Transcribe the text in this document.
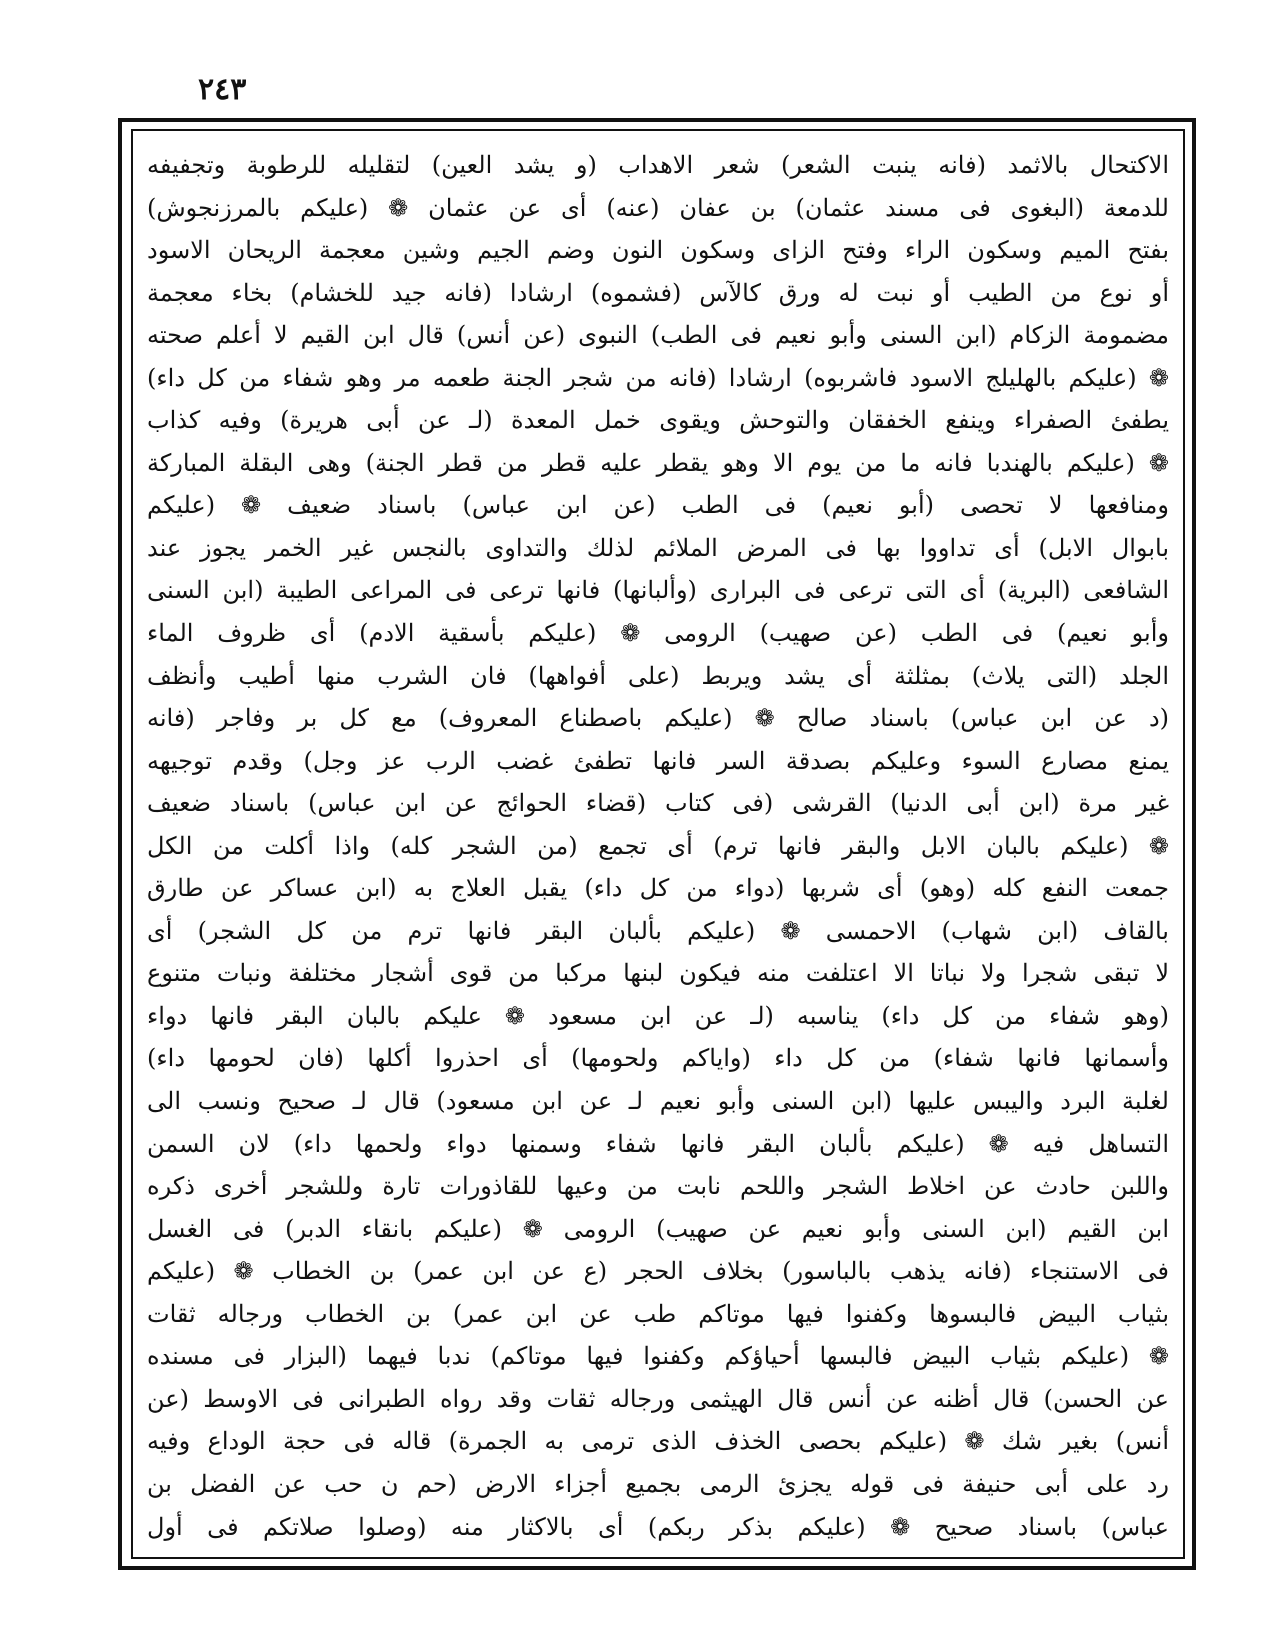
٢٤٣
الاكتحال بالاثمد (فانه ينبت الشعر) شعر الاهداب (و يشد العين) لتقليله للرطوبة وتجفيفه
للدمعة (البغوى فى مسند عثمان) بن عفان (عنه) أى عن عثمان ❁ (عليكم بالمرزنجوش)
بفتح الميم وسكون الراء وفتح الزاى وسكون النون وضم الجيم وشين معجمة الريحان الاسود
أو نوع من الطيب أو نبت له ورق كالآس (فشموه) ارشادا (فانه جيد للخشام) بخاء معجمة
مضمومة الزكام (ابن السنى وأبو نعيم فى الطب) النبوى (عن أنس) قال ابن القيم لا أعلم صحته
❁ (عليكم بالهليلج الاسود فاشربوه) ارشادا (فانه من شجر الجنة طعمه مر وهو شفاء من كل داء)
يطفئ الصفراء وينفع الخفقان والتوحش ويقوى خمل المعدة (لـ عن أبى هريرة) وفيه كذاب
❁ (عليكم بالهندبا فانه ما من يوم الا وهو يقطر عليه قطر من قطر الجنة) وهى البقلة المباركة
ومنافعها لا تحصى (أبو نعيم) فى الطب (عن ابن عباس) باسناد ضعيف ❁ (عليكم
بابوال الابل) أى تداووا بها فى المرض الملائم لذلك والتداوى بالنجس غير الخمر يجوز عند
الشافعى (البرية) أى التى ترعى فى البرارى (وألبانها) فانها ترعى فى المراعى الطيبة (ابن السنى
وأبو نعيم) فى الطب (عن صهيب) الرومى ❁ (عليكم بأسقية الادم) أى ظروف الماء
الجلد (التى يلاث) بمثلثة أى يشد ويربط (على أفواهها) فان الشرب منها أطيب وأنظف
(د عن ابن عباس) باسناد صالح ❁ (عليكم باصطناع المعروف) مع كل بر وفاجر (فانه
يمنع مصارع السوء وعليكم بصدقة السر فانها تطفئ غضب الرب عز وجل) وقدم توجيهه
غير مرة (ابن أبى الدنيا) القرشى (فى كتاب (قضاء الحوائج عن ابن عباس) باسناد ضعيف
❁ (عليكم بالبان الابل والبقر فانها ترم) أى تجمع (من الشجر كله) واذا أكلت من الكل
جمعت النفع كله (وهو) أى شربها (دواء من كل داء) يقبل العلاج به (ابن عساكر عن طارق
بالقاف (ابن شهاب) الاحمسى ❁ (عليكم بألبان البقر فانها ترم من كل الشجر) أى
لا تبقى شجرا ولا نباتا الا اعتلفت منه فيكون لبنها مركبا من قوى أشجار مختلفة ونبات متنوع
(وهو شفاء من كل داء) يناسبه (لـ عن ابن مسعود ❁ عليكم بالبان البقر فانها دواء
وأسمانها فانها شفاء) من كل داء (واياكم ولحومها) أى احذروا أكلها (فان لحومها داء)
لغلبة البرد واليبس عليها (ابن السنى وأبو نعيم لـ عن ابن مسعود) قال لـ صحيح ونسب الى
التساهل فيه ❁ (عليكم بألبان البقر فانها شفاء وسمنها دواء ولحمها داء) لان السمن
واللبن حادث عن اخلاط الشجر واللحم نابت من وعيها للقاذورات تارة وللشجر أخرى ذكره
ابن القيم (ابن السنى وأبو نعيم عن صهيب) الرومى ❁ (عليكم بانقاء الدبر) فى الغسل
فى الاستنجاء (فانه يذهب بالباسور) بخلاف الحجر (ع عن ابن عمر) بن الخطاب ❁ (عليكم
بثياب البيض فالبسوها وكفنوا فيها موتاكم طب عن ابن عمر) بن الخطاب ورجاله ثقات
❁ (عليكم بثياب البيض فالبسها أحياؤكم وكفنوا فيها موتاكم) ندبا فيهما (البزار فى مسنده
عن الحسن) قال أظنه عن أنس قال الهيثمى ورجاله ثقات وقد رواه الطبرانى فى الاوسط (عن
أنس) بغير شك ❁ (عليكم بحصى الخذف الذى ترمى به الجمرة) قاله فى حجة الوداع وفيه
رد على أبى حنيفة فى قوله يجزئ الرمى بجميع أجزاء الارض (حم ن حب عن الفضل بن
عباس) باسناد صحيح ❁ (عليكم بذكر ربكم) أى بالاكثار منه (وصلوا صلاتكم فى أول
